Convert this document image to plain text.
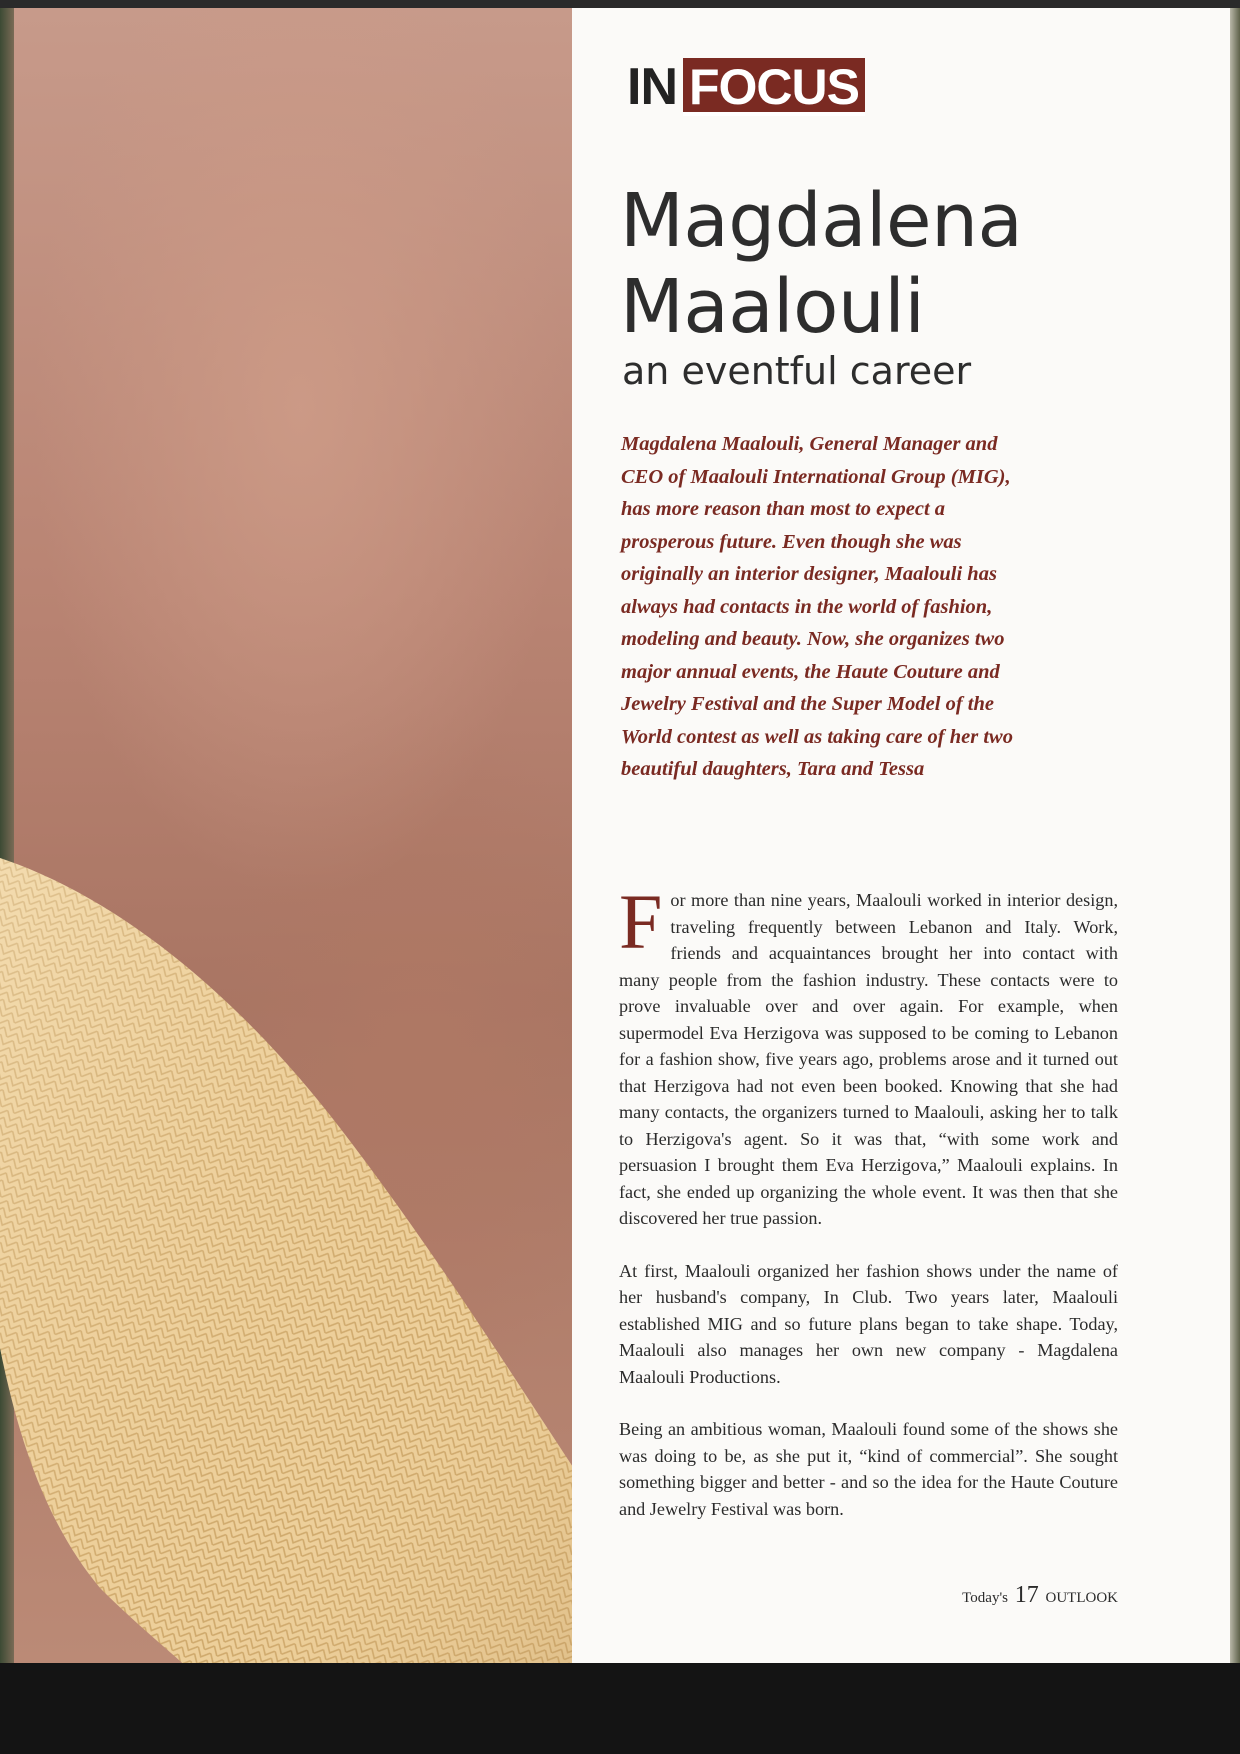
IN FOCUS
Magdalena Maalouli
an eventful career

Magdalena Maalouli, General Manager and CEO of Maalouli International Group (MIG), has more reason than most to expect a prosperous future. Even though she was originally an interior designer, Maalouli has always had contacts in the world of fashion, modeling and beauty. Now, she organizes two major annual events, the Haute Couture and Jewelry Festival and the Super Model of the World contest as well as taking care of her two beautiful daughters, Tara and Tessa

For more than nine years, Maalouli worked in interior design, traveling frequently between Lebanon and Italy. Work, friends and acquaintances brought her into contact with many people from the fashion industry. These contacts were to prove invaluable over and over again. For example, when supermodel Eva Herzigova was supposed to be coming to Lebanon for a fashion show, five years ago, problems arose and it turned out that Herzigova had not even been booked. Knowing that she had many contacts, the organizers turned to Maalouli, asking her to talk to Herzigova's agent. So it was that, “with some work and persuasion I brought them Eva Herzigova,” Maalouli explains. In fact, she ended up organizing the whole event. It was then that she discovered her true passion.

At first, Maalouli organized her fashion shows under the name of her husband's company, In Club. Two years later, Maalouli established MIG and so future plans began to take shape. Today, Maalouli also manages her own new company - Magdalena Maalouli Productions.

Being an ambitious woman, Maalouli found some of the shows she was doing to be, as she put it, “kind of commercial”. She sought something bigger and better - and so the idea for the Haute Couture and Jewelry Festival was born.

Today's 17 OUTLOOK
